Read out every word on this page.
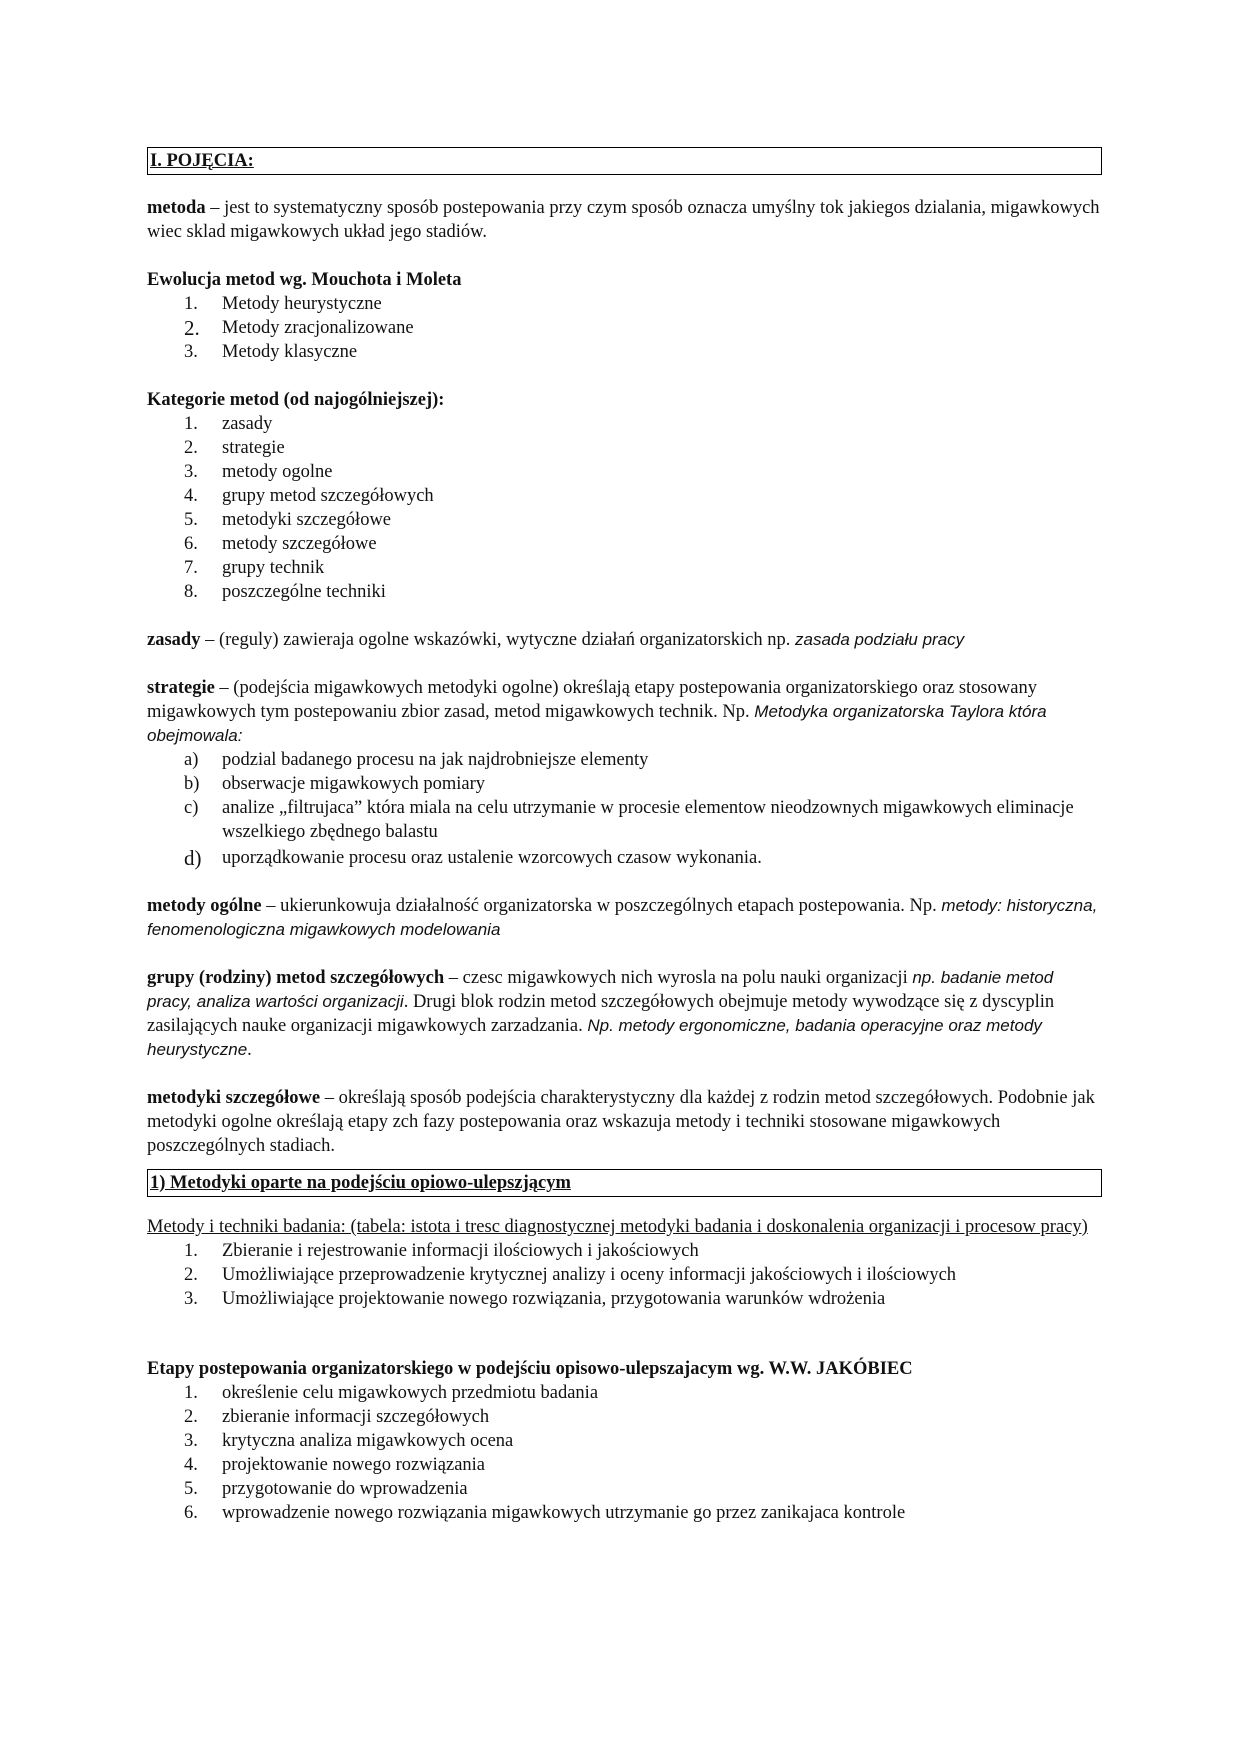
I. POJĘCIA:

metoda – jest to systematyczny sposób postepowania przy czym sposób oznacza umyślny tok jakiegos dzialania, migawkowych wiec sklad migawkowych układ jego stadiów.

Ewolucja metod wg. Mouchota i Moleta

1.	Metody heurystyczne
2.	Metody zracjonalizowane
3.	Metody klasyczne

Kategorie metod (od najogólniejszej):

1.	zasady
2.	strategie
3.	metody ogolne
4.	grupy metod szczegółowych
5.	metodyki szczegółowe
6.	metody szczegółowe
7.	grupy technik
8.	poszczególne techniki

zasady – (reguly) zawieraja ogolne wskazówki, wytyczne działań organizatorskich np. zasada podziału pracy

strategie – (podejścia migawkowych metodyki ogolne) określają etapy postepowania organizatorskiego oraz stosowany migawkowych tym postepowaniu zbior zasad, metod migawkowych technik. Np. Metodyka organizatorska Taylora która obejmowala:

a)	podzial badanego procesu na jak najdrobniejsze elementy
b)	obserwacje migawkowych pomiary
c)	analize „filtrujaca” która miala na celu utrzymanie w procesie elementow nieodzownych migawkowych eliminacje wszelkiego zbędnego balastu
d)	uporządkowanie procesu oraz ustalenie wzorcowych czasow wykonania.

metody ogólne – ukierunkowuja działalność organizatorska w poszczególnych etapach postepowania. Np. metody: historyczna, fenomenologiczna migawkowych modelowania

grupy (rodziny) metod szczegółowych – czesc migawkowych nich wyrosla na polu nauki organizacji np. badanie metod pracy, analiza wartości organizacji. Drugi blok rodzin metod szczegółowych obejmuje metody wywodzące się z dyscyplin zasilających nauke organizacji migawkowych zarzadzania. Np. metody ergonomiczne, badania operacyjne oraz metody heurystyczne.

metodyki szczegółowe – określają sposób podejścia charakterystyczny dla każdej z rodzin metod szczegółowych. Podobnie jak metodyki ogolne określają etapy zch fazy postepowania oraz wskazuja metody i techniki stosowane migawkowych poszczególnych stadiach.

1) Metodyki oparte na podejściu opiowo-ulepszjącym

Metody i techniki badania: (tabela: istota i tresc diagnostycznej metodyki badania i doskonalenia organizacji i procesow pracy)

1.	Zbieranie i rejestrowanie informacji ilościowych i jakościowych
2.	Umożliwiające przeprowadzenie krytycznej analizy i oceny informacji jakościowych i ilościowych
3.	Umożliwiające projektowanie nowego rozwiązania, przygotowania warunków wdrożenia

Etapy postepowania organizatorskiego w podejściu opisowo-ulepszajacym wg. W.W. JAKÓBIEC

1.	określenie celu migawkowych przedmiotu badania
2.	zbieranie informacji szczegółowych
3.	krytyczna analiza migawkowych ocena
4.	projektowanie nowego rozwiązania
5.	przygotowanie do wprowadzenia
6.	wprowadzenie nowego rozwiązania migawkowych utrzymanie go przez zanikajaca kontrole
